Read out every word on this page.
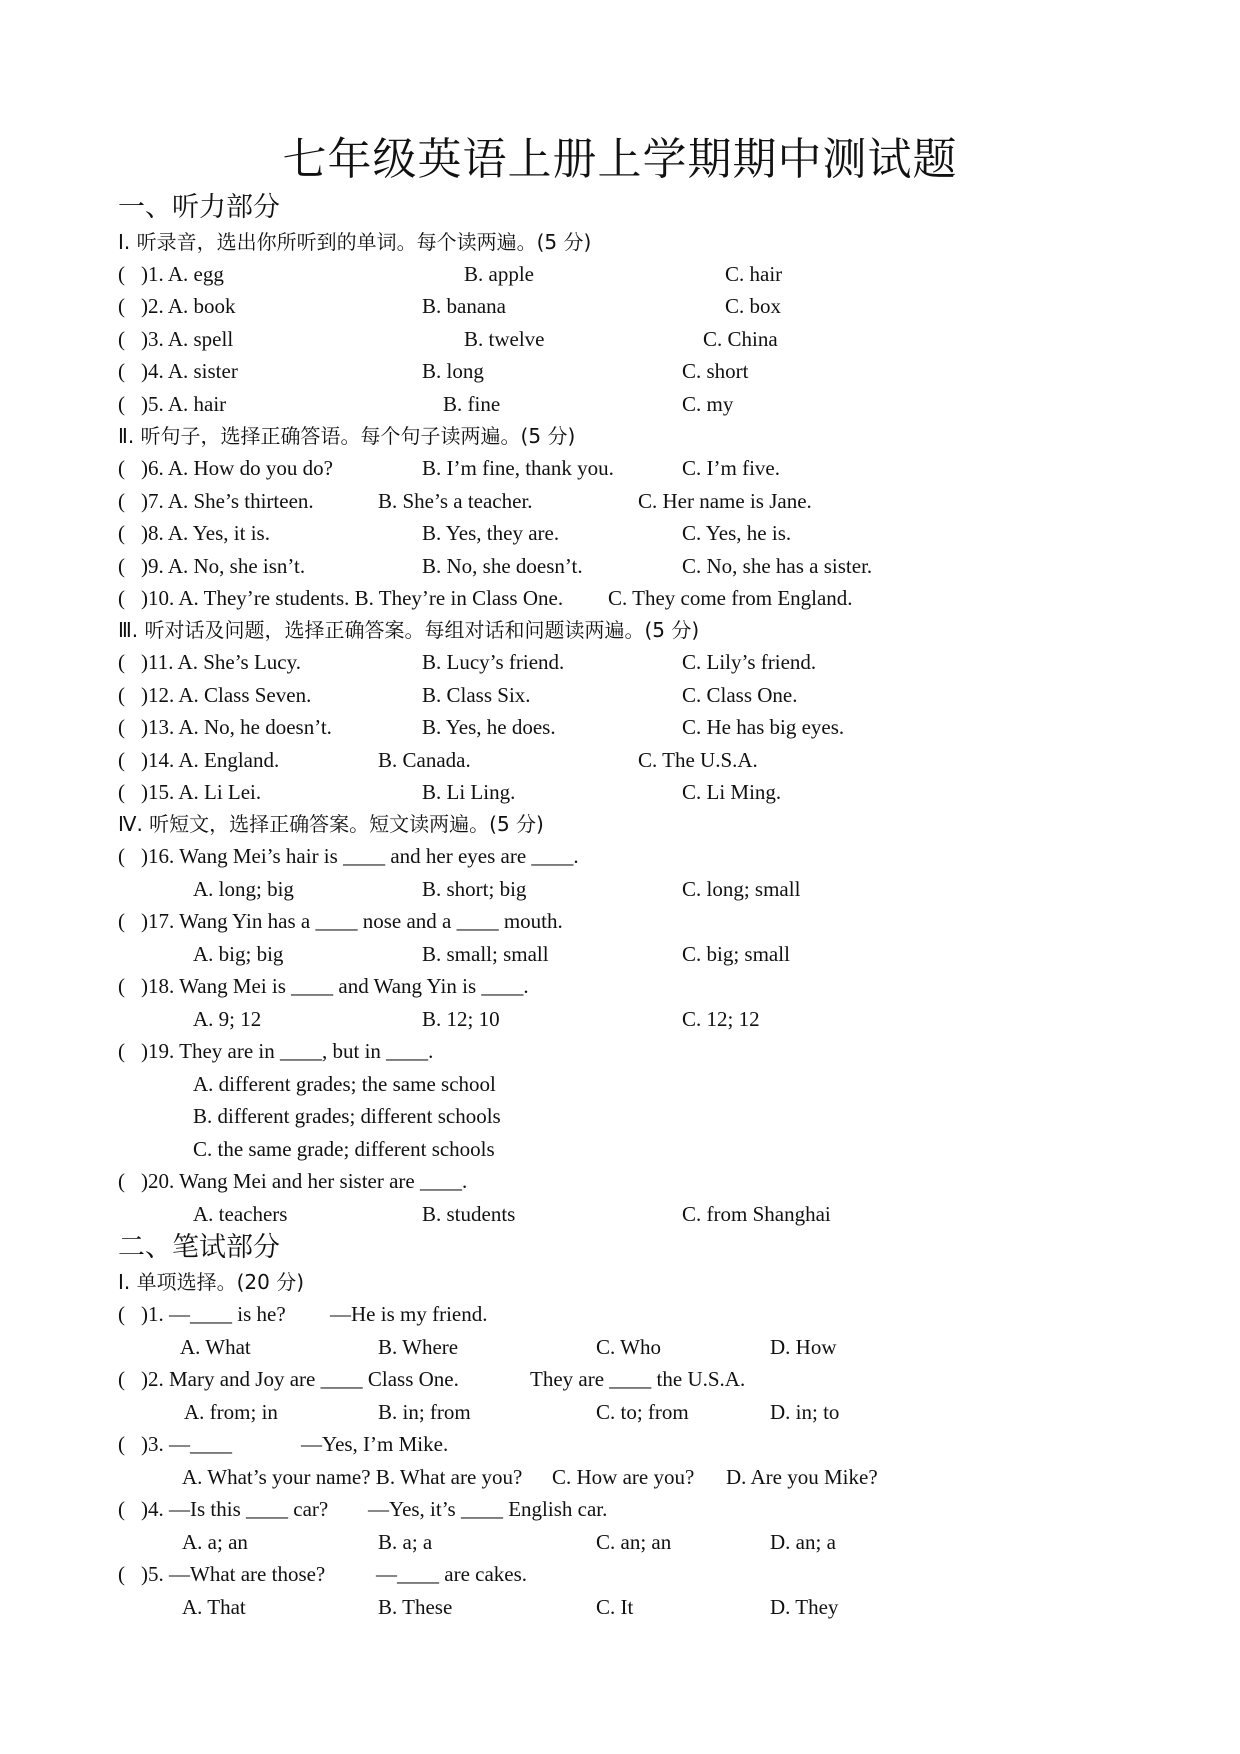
七年级英语上册上学期期中测试题
一、听力部分
Ⅰ. 听录音，选出你所听到的单词。每个读两遍。(5 分)
( )1. A. egg	B. apple	C. hair
( )2. A. book	B. banana	C. box
( )3. A. spell	B. twelve	C. China
( )4. A. sister	B. long	C. short
( )5. A. hair	B. fine	C. my
Ⅱ. 听句子，选择正确答语。每个句子读两遍。(5 分)
( )6. A. How do you do?	B. I’m fine, thank you.	C. I’m five.
( )7. A. She’s thirteen.	B. She’s a teacher.	C. Her name is Jane.
( )8. A. Yes, it is.	B. Yes, they are.	C. Yes, he is.
( )9. A. No, she isn’t.	B. No, she doesn’t.	C. No, she has a sister.
( )10. A. They’re students. B. They’re in Class One. C. They come from England.
Ⅲ. 听对话及问题，选择正确答案。每组对话和问题读两遍。(5 分)
( )11. A. She’s Lucy.	B. Lucy’s friend.	C. Lily’s friend.
( )12. A. Class Seven.	B. Class Six.	C. Class One.
( )13. A. No, he doesn’t.	B. Yes, he does.	C. He has big eyes.
( )14. A. England.	B. Canada.	C. The U.S.A.
( )15. A. Li Lei.	B. Li Ling.	C. Li Ming.
Ⅳ. 听短文，选择正确答案。短文读两遍。(5 分)
( )16. Wang Mei’s hair is ____ and her eyes are ____.
A. long; big	B. short; big	C. long; small
( )17. Wang Yin has a ____ nose and a ____ mouth.
A. big; big	B. small; small	C. big; small
( )18. Wang Mei is ____ and Wang Yin is ____.
A. 9; 12	B. 12; 10	C. 12; 12
( )19. They are in ____, but in ____.
A. different grades; the same school
B. different grades; different schools
C. the same grade; different schools
( )20. Wang Mei and her sister are ____.
A. teachers	B. students	C. from Shanghai
二、笔试部分
Ⅰ. 单项选择。(20 分)
( )1. —____ is he? —He is my friend.
A. What	B. Where	C. Who	D. How
( )2. Mary and Joy are ____ Class One.	They are ____ the U.S.A.
A. from; in	B. in; from	C. to; from	D. in; to
( )3. —____	—Yes, I’m Mike.
A. What’s your name? B. What are you? C. How are you? D. Are you Mike?
( )4. —Is this ____ car? —Yes, it’s ____ English car.
A. a; an	B. a; a	C. an; an	D. an; a
( )5. —What are those? —____ are cakes.
A. That	B. These	C. It	D. They
